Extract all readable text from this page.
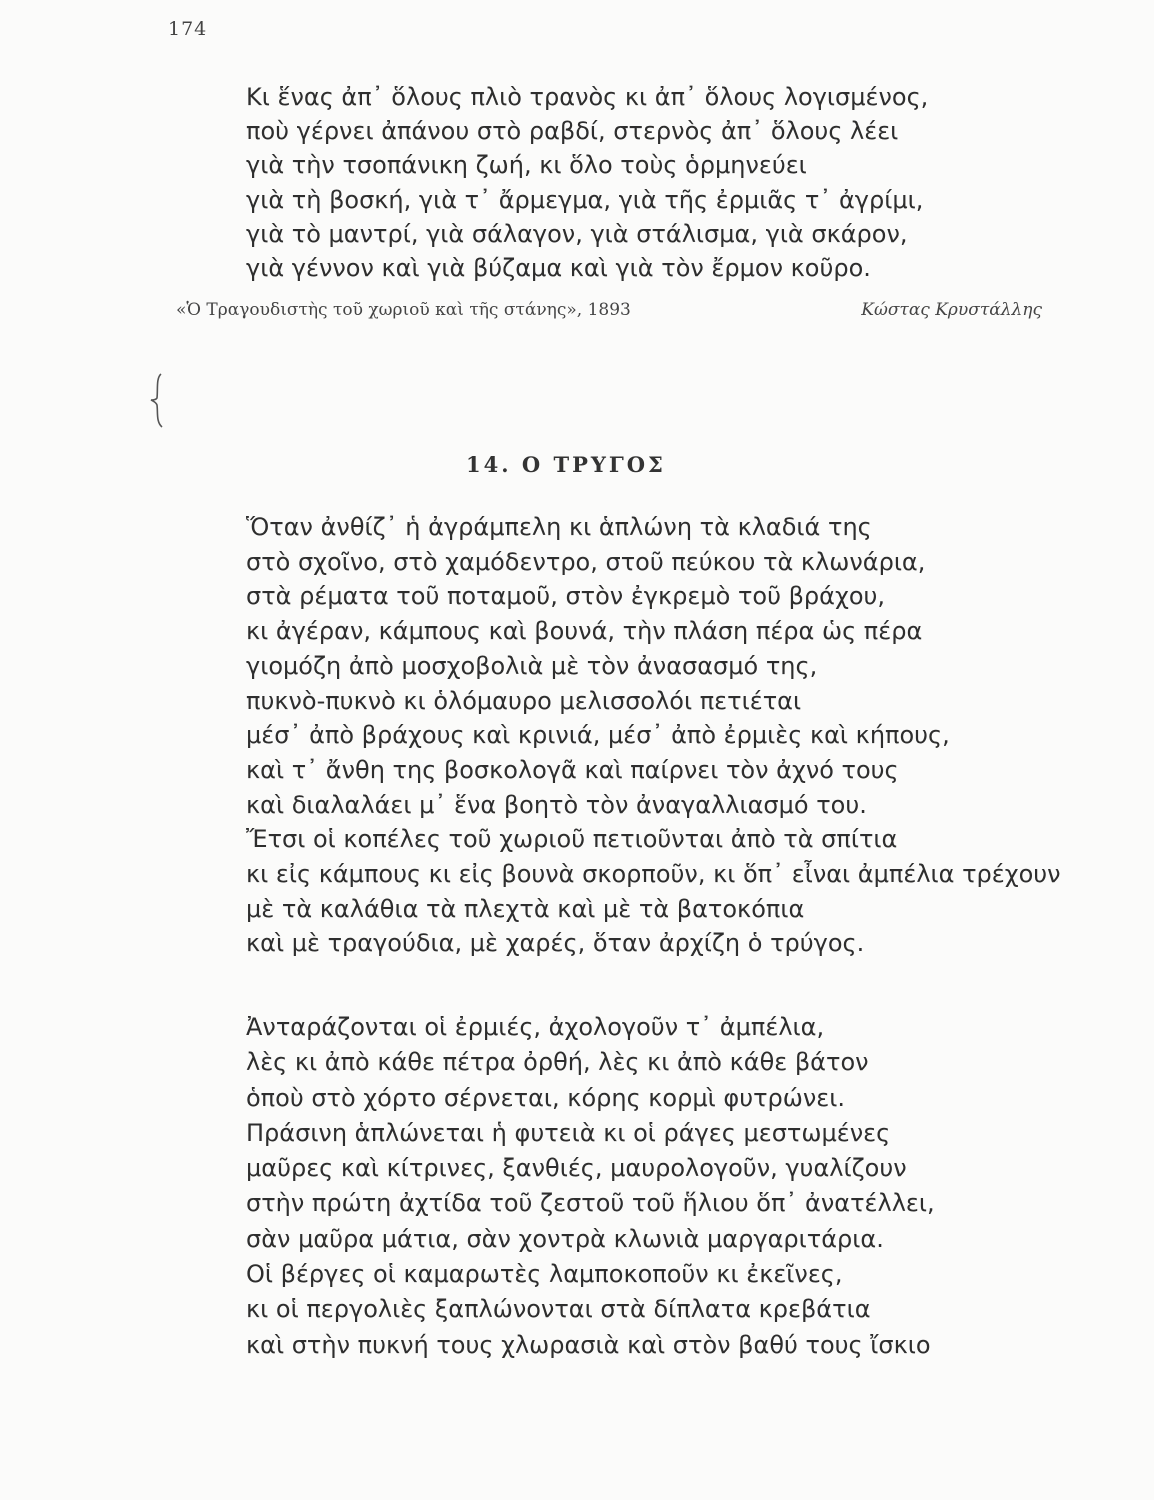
174
Κι ἕνας ἀπ᾽ ὅλους πλιὸ τρανὸς κι ἀπ᾽ ὅλους λογισμένος,
ποὺ γέρνει ἀπάνου στὸ ραβδί, στερνὸς ἀπ᾽ ὅλους λέει
γιὰ τὴν τσοπάνικη ζωή, κι ὅλο τοὺς ὁρμηνεύει
γιὰ τὴ βοσκή, γιὰ τ᾽ ἄρμεγμα, γιὰ τῆς ἐρμιᾶς τ᾽ ἀγρίμι,
γιὰ τὸ μαντρί, γιὰ σάλαγον, γιὰ στάλισμα, γιὰ σκάρον,
γιὰ γέννον καὶ γιὰ βύζαμα καὶ γιὰ τὸν ἔρμον κοῦρο.
«Ὁ Τραγουδιστὴς τοῦ χωριοῦ καὶ τῆς στάνης», 1893	Κώστας Κρυστάλλης
14. Ο ΤΡΥΓΟΣ
Ὅταν ἀνθίζ᾽ ἡ ἀγράμπελη κι ἁπλώνη τὰ κλαδιά της
στὸ σχοῖνο, στὸ χαμόδεντρο, στοῦ πεύκου τὰ κλωνάρια,
στὰ ρέματα τοῦ ποταμοῦ, στὸν ἐγκρεμὸ τοῦ βράχου,
κι ἀγέραν, κάμπους καὶ βουνά, τὴν πλάση πέρα ὡς πέρα
γιομόζη ἀπὸ μοσχοβολιὰ μὲ τὸν ἀνασασμό της,
πυκνὸ-πυκνὸ κι ὁλόμαυρο μελισσολόι πετιέται
μέσ᾽ ἀπὸ βράχους καὶ κρινιά, μέσ᾽ ἀπὸ ἐρμιὲς καὶ κήπους,
καὶ τ᾽ ἄνθη της βοσκολογᾶ καὶ παίρνει τὸν ἀχνό τους
καὶ διαλαλάει μ᾽ ἕνα βοητὸ τὸν ἀναγαλλιασμό του.
Ἔτσι οἱ κοπέλες τοῦ χωριοῦ πετιοῦνται ἀπὸ τὰ σπίτια
κι εἰς κάμπους κι εἰς βουνὰ σκορποῦν, κι ὅπ᾽ εἶναι ἀμπέλια τρέχουν
μὲ τὰ καλάθια τὰ πλεχτὰ καὶ μὲ τὰ βατοκόπια
καὶ μὲ τραγούδια, μὲ χαρές, ὅταν ἀρχίζη ὁ τρύγος.
Ἀνταράζονται οἱ ἐρμιές, ἀχολογοῦν τ᾽ ἀμπέλια,
λὲς κι ἀπὸ κάθε πέτρα ὀρθή, λὲς κι ἀπὸ κάθε βάτον
ὁποὺ στὸ χόρτο σέρνεται, κόρης κορμὶ φυτρώνει.
Πράσινη ἁπλώνεται ἡ φυτειὰ κι οἱ ράγες μεστωμένες
μαῦρες καὶ κίτρινες, ξανθιές, μαυρολογοῦν, γυαλίζουν
στὴν πρώτη ἀχτίδα τοῦ ζεστοῦ τοῦ ἥλιου ὅπ᾽ ἀνατέλλει,
σὰν μαῦρα μάτια, σὰν χοντρὰ κλωνιὰ μαργαριτάρια.
Οἱ βέργες οἱ καμαρωτὲς λαμποκοποῦν κι ἐκεῖνες,
κι οἱ περγολιὲς ξαπλώνονται στὰ δίπλατα κρεβάτια
καὶ στὴν πυκνή τους χλωρασιὰ καὶ στὸν βαθύ τους ἴσκιο
